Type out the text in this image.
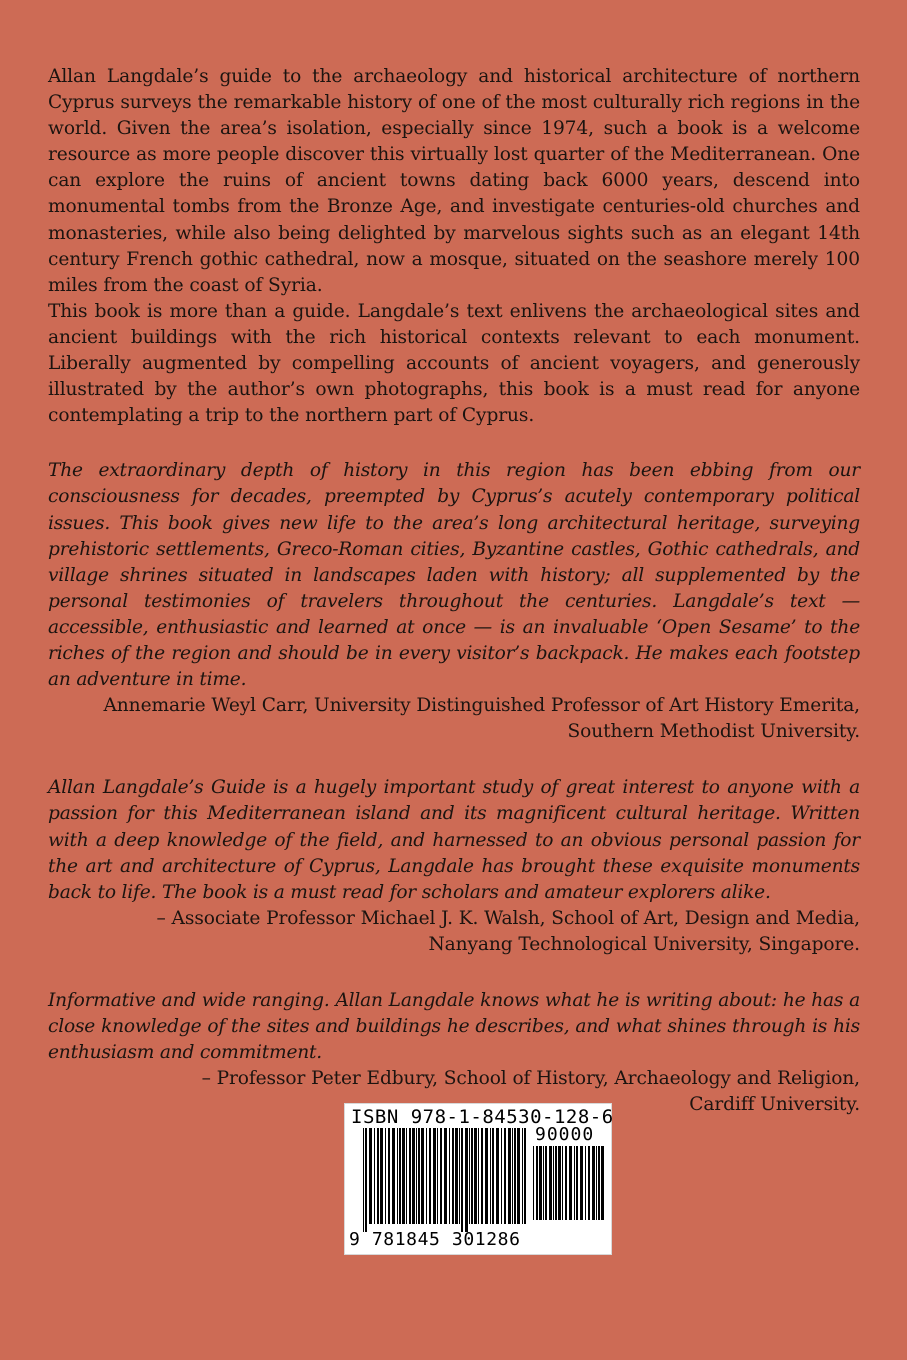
Allan Langdale’s guide to the archaeology and historical architecture of northern Cyprus surveys the remarkable history of one of the most culturally rich regions in the world. Given the area’s isolation, especially since 1974, such a book is a welcome resource as more people discover this virtually lost quarter of the Mediterranean. One can explore the ruins of ancient towns dating back 6000 years, descend into monumental tombs from the Bronze Age, and investigate centuries-old churches and monasteries, while also being delighted by marvelous sights such as an elegant 14th century French gothic cathedral, now a mosque, situated on the seashore merely 100 miles from the coast of Syria.

This book is more than a guide. Langdale’s text enlivens the archaeological sites and ancient buildings with the rich historical contexts relevant to each monument. Liberally augmented by compelling accounts of ancient voyagers, and generously illustrated by the author’s own photographs, this book is a must read for anyone contemplating a trip to the northern part of Cyprus.

The extraordinary depth of history in this region has been ebbing from our consciousness for decades, preempted by Cyprus’s acutely contemporary political issues. This book gives new life to the area’s long architectural heritage, surveying prehistoric settlements, Greco-Roman cities, Byzantine castles, Gothic cathedrals, and village shrines situated in landscapes laden with history; all supplemented by the personal testimonies of travelers throughout the centuries. Langdale’s text — accessible, enthusiastic and learned at once — is an invaluable ‘Open Sesame’ to the riches of the region and should be in every visitor’s backpack. He makes each footstep an adventure in time.

Annemarie Weyl Carr, University Distinguished Professor of Art History Emerita,
Southern Methodist University.

Allan Langdale’s Guide is a hugely important study of great interest to anyone with a passion for this Mediterranean island and its magnificent cultural heritage. Written with a deep knowledge of the field, and harnessed to an obvious personal passion for the art and architecture of Cyprus, Langdale has brought these exquisite monuments back to life. The book is a must read for scholars and amateur explorers alike.

– Associate Professor Michael J. K. Walsh, School of Art, Design and Media,
Nanyang Technological University, Singapore.

Informative and wide ranging. Allan Langdale knows what he is writing about: he has a close knowledge of the sites and buildings he describes, and what shines through is his enthusiasm and commitment.

– Professor Peter Edbury, School of History, Archaeology and Religion,
Cardiff University.

ISBN 978-1-84530-128-6
90000
9 781845 301286
